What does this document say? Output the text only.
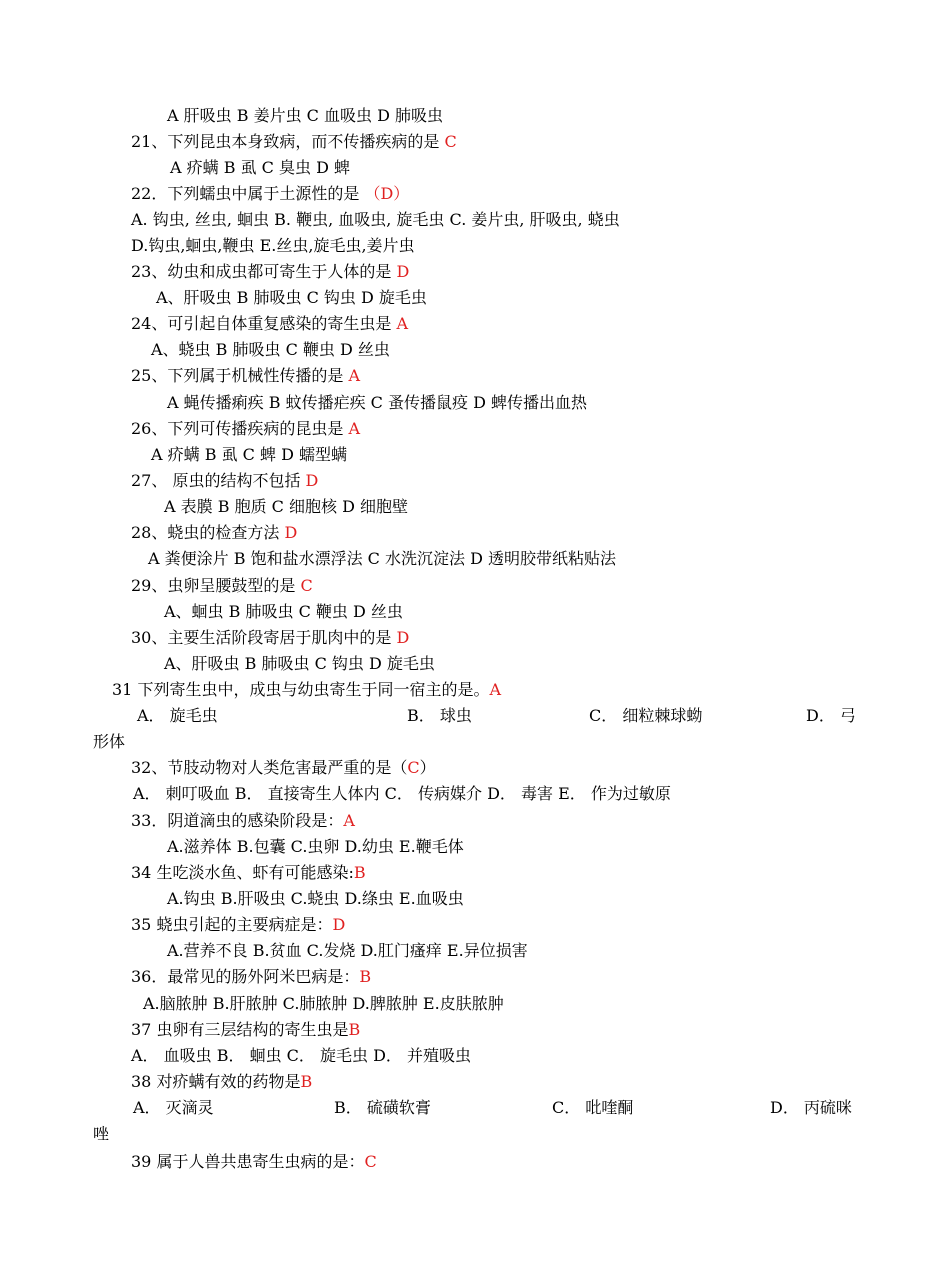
A 肝吸虫 B 姜片虫 C 血吸虫 D 肺吸虫
21、下列昆虫本身致病，而不传播疾病的是 C
A 疥螨 B 虱 C 臭虫 D 蜱
22．下列蠕虫中属于土源性的是 （D）
A. 钩虫, 丝虫, 蛔虫 B. 鞭虫, 血吸虫, 旋毛虫 C. 姜片虫, 肝吸虫, 蛲虫
D.钩虫,蛔虫,鞭虫 E.丝虫,旋毛虫,姜片虫
23、幼虫和成虫都可寄生于人体的是 D
A、肝吸虫 B 肺吸虫 C 钩虫 D 旋毛虫
24、可引起自体重复感染的寄生虫是 A
A、蛲虫 B 肺吸虫 C 鞭虫 D 丝虫
25、下列属于机械性传播的是 A
A 蝇传播痢疾 B 蚊传播疟疾 C 蚤传播鼠疫 D 蜱传播出血热
26、下列可传播疾病的昆虫是 A
A 疥螨 B 虱 C 蜱 D 蠕型螨
27、 原虫的结构不包括 D
A 表膜 B 胞质 C 细胞核 D 细胞壁
28、蛲虫的检查方法 D
A 粪便涂片 B 饱和盐水漂浮法 C 水洗沉淀法 D 透明胶带纸粘贴法
29、虫卵呈腰鼓型的是 C
A、蛔虫 B 肺吸虫 C 鞭虫 D 丝虫
30、主要生活阶段寄居于肌肉中的是 D
A、肝吸虫 B 肺吸虫 C 钩虫 D 旋毛虫
31 下列寄生虫中，成虫与幼虫寄生于同一宿主的是。A
形体
32、节肢动物对人类危害最严重的是（C）
A． 刺叮吸血 B． 直接寄生人体内 C． 传病媒介 D． 毒害 E． 作为过敏原
33．阴道滴虫的感染阶段是：A
A.滋养体 B.包囊 C.虫卵 D.幼虫 E.鞭毛体
34 生吃淡水鱼、虾有可能感染:B
A.钩虫 B.肝吸虫 C.蛲虫 D.绦虫 E.血吸虫
35 蛲虫引起的主要病症是：D
A.营养不良 B.贫血 C.发烧 D.肛门瘙痒 E.异位损害
36．最常见的肠外阿米巴病是：B
A.脑脓肿 B.肝脓肿 C.肺脓肿 D.脾脓肿 E.皮肤脓肿
37 虫卵有三层结构的寄生虫是B
A． 血吸虫 B． 蛔虫 C． 旋毛虫 D． 并殖吸虫
38 对疥螨有效的药物是B
唑
39 属于人兽共患寄生虫病的是：C
A． 旋毛虫	B． 球虫	C． 细粒棘球蚴	D． 弓
A． 灭滴灵	B． 硫磺软膏	C． 吡喹酮	D． 丙硫咪
